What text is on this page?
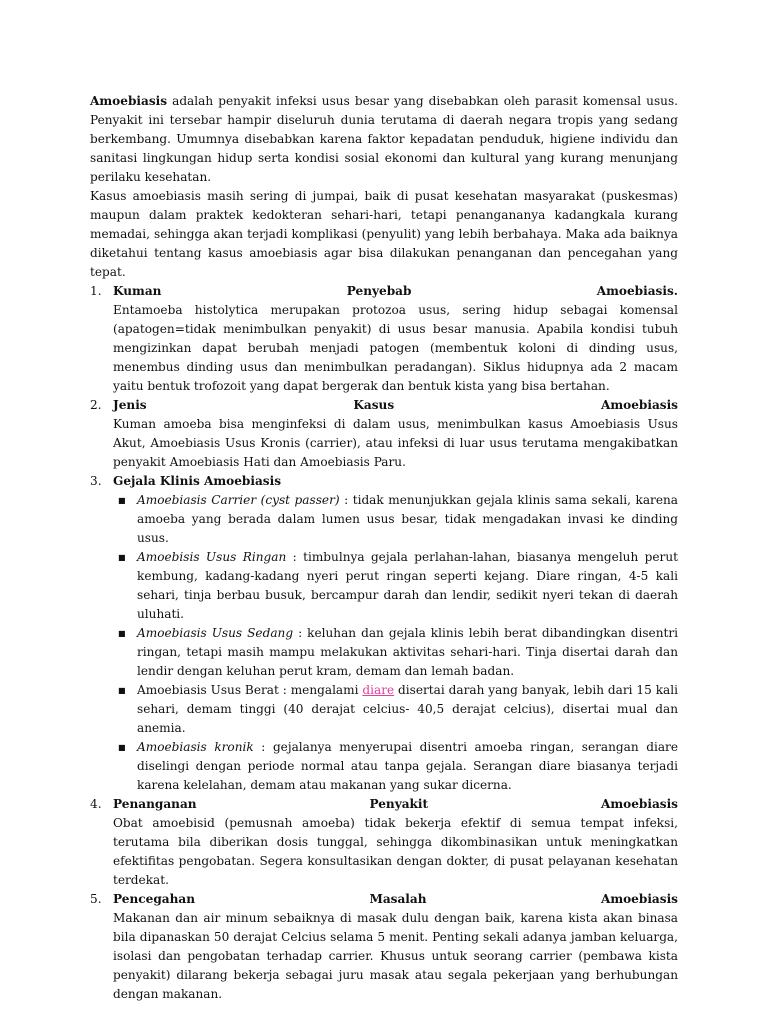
Amoebiasis adalah penyakit infeksi usus besar yang disebabkan oleh parasit komensal usus. Penyakit ini tersebar hampir diseluruh dunia terutama di daerah negara tropis yang sedang berkembang. Umumnya disebabkan karena faktor kepadatan penduduk, higiene individu dan sanitasi lingkungan hidup serta kondisi sosial ekonomi dan kultural yang kurang menunjang perilaku kesehatan.

Kasus amoebiasis masih sering di jumpai, baik di pusat kesehatan masyarakat (puskesmas) maupun dalam praktek kedokteran sehari-hari, tetapi penangananya kadangkala kurang memadai, sehingga akan terjadi komplikasi (penyulit) yang lebih berbahaya. Maka ada baiknya diketahui tentang kasus amoebiasis agar bisa dilakukan penanganan dan pencegahan yang tepat.

1. Kuman	Penyebab	Amoebiasis.

Entamoeba histolytica merupakan protozoa usus, sering hidup sebagai komensal (apatogen=tidak menimbulkan penyakit) di usus besar manusia. Apabila kondisi tubuh mengizinkan dapat berubah menjadi patogen (membentuk koloni di dinding usus, menembus dinding usus dan menimbulkan peradangan). Siklus hidupnya ada 2 macam yaitu bentuk trofozoit yang dapat bergerak dan bentuk kista yang bisa bertahan.

2. Jenis	Kasus	Amoebiasis

Kuman amoeba bisa menginfeksi di dalam usus, menimbulkan kasus Amoebiasis Usus Akut, Amoebiasis Usus Kronis (carrier), atau infeksi di luar usus terutama mengakibatkan penyakit Amoebiasis Hati dan Amoebiasis Paru.

3. Gejala Klinis Amoebiasis
■ Amoebiasis Carrier (cyst passer) : tidak menunjukkan gejala klinis sama sekali, karena amoeba yang berada dalam lumen usus besar, tidak mengadakan invasi ke dinding usus.
■ Amoebisis Usus Ringan : timbulnya gejala perlahan-lahan, biasanya mengeluh perut kembung, kadang-kadang nyeri perut ringan seperti kejang. Diare ringan, 4-5 kali sehari, tinja berbau busuk, bercampur darah dan lendir, sedikit nyeri tekan di daerah uluhati.
■ Amoebiasis Usus Sedang : keluhan dan gejala klinis lebih berat dibandingkan disentri ringan, tetapi masih mampu melakukan aktivitas sehari-hari. Tinja disertai darah dan lendir dengan keluhan perut kram, demam dan lemah badan.
■ Amoebiasis Usus Berat : mengalami diare disertai darah yang banyak, lebih dari 15 kali sehari, demam tinggi (40 derajat celcius- 40,5 derajat celcius), disertai mual dan anemia.
■ Amoebiasis kronik : gejalanya menyerupai disentri amoeba ringan, serangan diare diselingi dengan periode normal atau tanpa gejala. Serangan diare biasanya terjadi karena kelelahan, demam atau makanan yang sukar dicerna.
4. Penanganan	Penyakit	Amoebiasis

Obat amoebisid (pemusnah amoeba) tidak bekerja efektif di semua tempat infeksi, terutama bila diberikan dosis tunggal, sehingga dikombinasikan untuk meningkatkan efektifitas pengobatan. Segera konsultasikan dengan dokter, di pusat pelayanan kesehatan terdekat.

5. Pencegahan	Masalah	Amoebiasis

Makanan dan air minum sebaiknya di masak dulu dengan baik, karena kista akan binasa bila dipanaskan 50 derajat Celcius selama 5 menit. Penting sekali adanya jamban keluarga, isolasi dan pengobatan terhadap carrier. Khusus untuk seorang carrier (pembawa kista penyakit) dilarang bekerja sebagai juru masak atau segala pekerjaan yang berhubungan dengan makanan.
